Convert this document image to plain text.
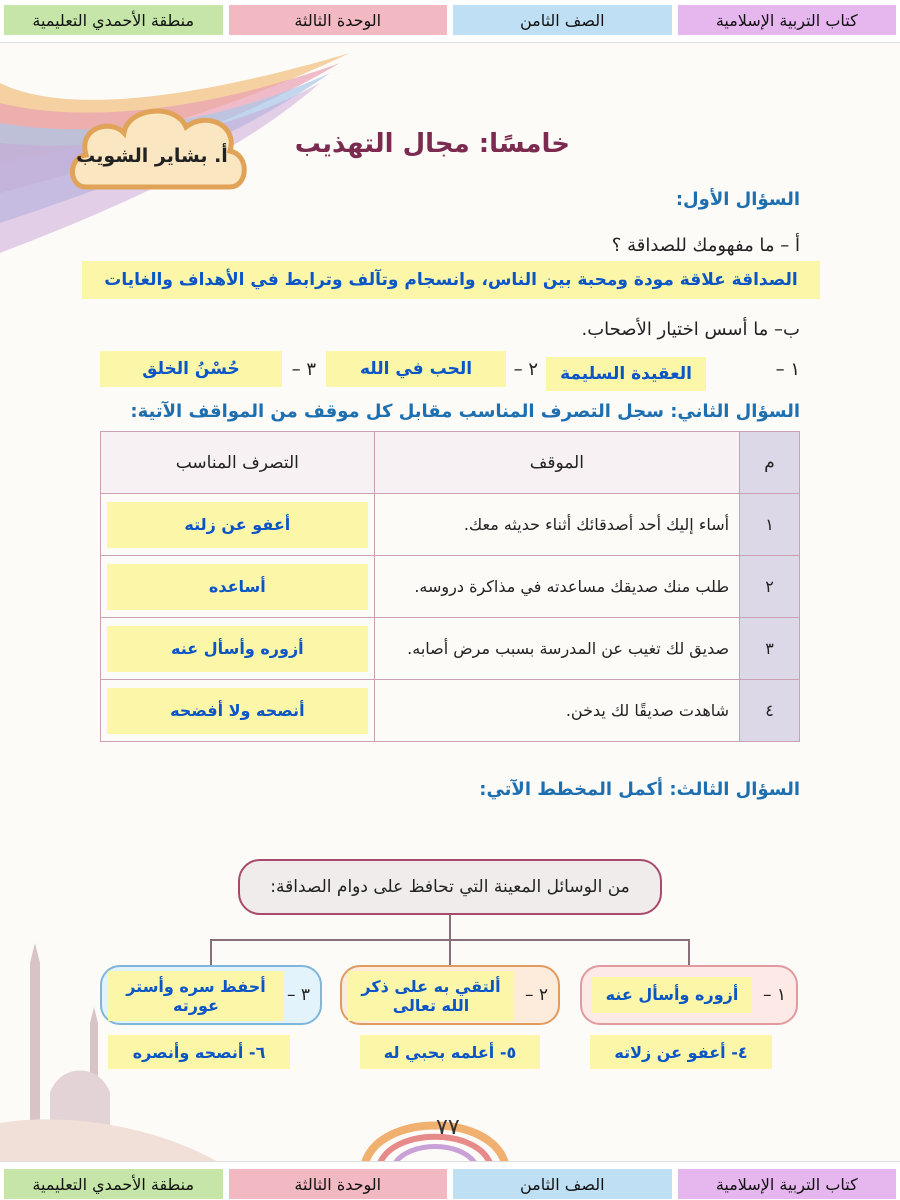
كتاب التربية الإسلامية
الصف الثامن
الوحدة الثالثة
منطقة الأحمدي التعليمية
أ. بشاير الشويب	خامسًا: مجال التهذيب
السؤال الأول:
أ – ما مفهومك للصداقة ؟
الصداقة علاقة مودة ومحبة بين الناس، وانسجام وتآلف وترابط في الأهداف والغايات
ب– ما أسس اختيار الأصحاب.
١ –
العقيدة السليمة
٢ –
الحب في الله
٣ –
حُسْنُ الخلق
السؤال الثاني: سجل التصرف المناسب مقابل كل موقف من المواقف الآتية:
م	الموقف	التصرف المناسب
١	أساء إليك أحد أصدقائك أثناء حديثه معك.	أعفو عن زلته

٢	طلب منك صديقك مساعدته في مذاكرة دروسه.	أساعده

٣	صديق لك تغيب عن المدرسة بسبب مرض أصابه.	أزوره وأسأل عنه

٤	شاهدت صديقًا لك يدخن.	أنصحه ولا أفضحه
السؤال الثالث: أكمل المخطط الآتي:
من الوسائل المعينة التي تحافظ على دوام الصداقة:
١ –
أزوره وأسأل عنه
٢ –
ألتقي به على ذكر الله تعالى
٣ –
أحفظ سره وأستر عورته
٤- أعفو عن زلاته
٥- أعلمه بحبي له
٦- أنصحه وأنصره
٧٧
كتاب التربية الإسلامية
الصف الثامن
الوحدة الثالثة
منطقة الأحمدي التعليمية
